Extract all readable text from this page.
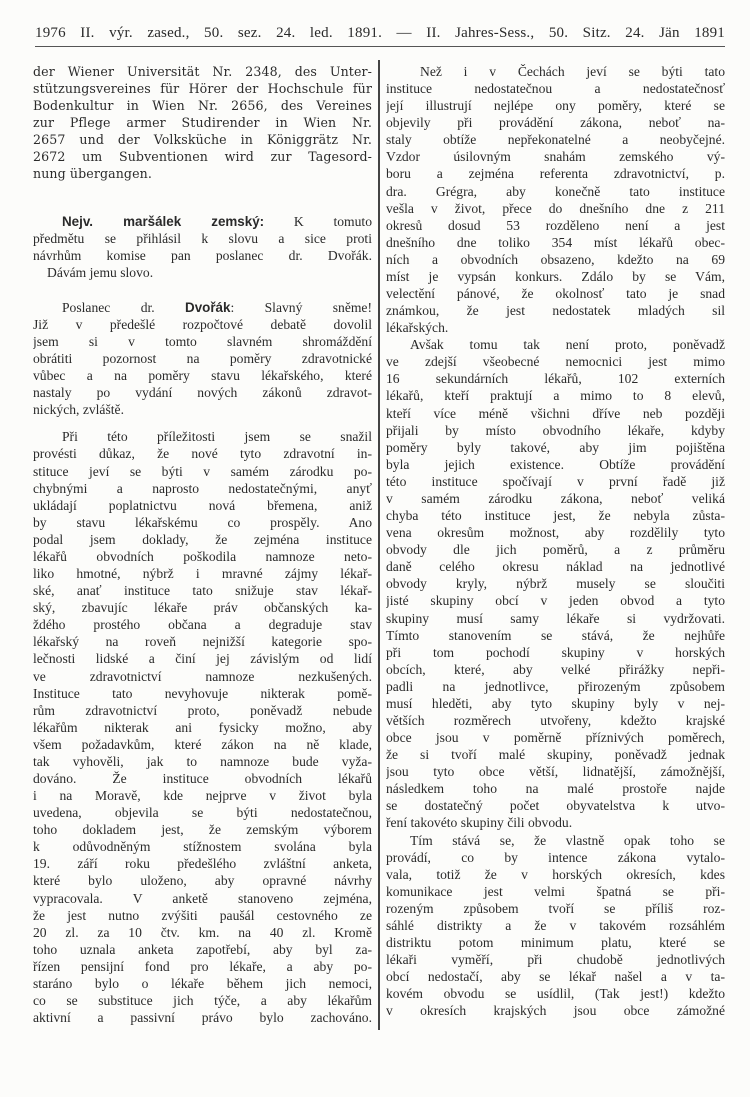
1976 II. výr. zased., 50. sez. 24. led. 1891. — II. Jahres-Sess., 50. Sitz. 24. Jän 1891
der Wiener Universität Nr. 2348, des Unter-
stützungsvereines für Hörer der Hochschule für
Bodenkultur in Wien Nr. 2656, des Vereines
zur Pflege armer Studirender in Wien Nr.
2657 und der Volksküche in Königgrätz Nr.
2672 um Subventionen wird zur Tagesord-
nung übergangen.
Nejv. maršálek zemský: K tomuto
předmětu se přihlásil k slovu a sice proti
návrhům komise pan poslanec dr. Dvořák.
Dávám jemu slovo.
Poslanec dr. Dvořák: Slavný sněme!
Již v předešlé rozpočtové debatě dovolil
jsem si v tomto slavném shromáždění
obrátiti pozornost na poměry zdravotnické
vůbec a na poměry stavu lékařského, které
nastaly po vydání nových zákonů zdravot-
nických, zvláště.
Při této příležitosti jsem se snažil
provésti důkaz, že nové tyto zdravotní in-
stituce jeví se býti v samém zárodku po-
chybnými a naprosto nedostatečnými, anyť
ukládají poplatnictvu nová břemena, aniž
by stavu lékařskému co prospěly. Ano
podal jsem doklady, že zejména instituce
lékařů obvodních poškodila namnoze neto-
liko hmotné, nýbrž i mravné zájmy lékař-
ské, anať instituce tato snižuje stav lékař-
ský, zbavujíc lékaře práv občanských ka-
ždého prostého občana a degraduje stav
lékařský na roveň nejnižší kategorie spo-
lečnosti lidské a činí jej závislým od lidí
ve zdravotnictví namnoze nezkušených.
Instituce tato nevyhovuje nikterak pomě-
rům zdravotnictví proto, poněvadž nebude
lékařům nikterak ani fysicky možno, aby
všem požadavkům, které zákon na ně klade,
tak vyhověli, jak to namnoze bude vyža-
dováno. Že instituce obvodních lékařů
i na Moravě, kde nejprve v život byla
uvedena, objevila se býti nedostatečnou,
toho dokladem jest, že zemským výborem
k odůvodněným stížnostem svolána byla
19. září roku předešlého zvláštní anketa,
které bylo uloženo, aby opravné návrhy
vypracovala. V anketě stanoveno zejména,
že jest nutno zvýšiti paušál cestovného ze
20 zl. za 10 čtv. km. na 40 zl. Kromě
toho uznala anketa zapotřebí, aby byl za-
řízen pensijní fond pro lékaře, a aby po-
staráno bylo o lékaře během jich nemoci,
co se substituce jich týče, a aby lékařům
aktivní a passivní právo bylo zachováno.
Než i v Čechách jeví se býti tato
instituce nedostatečnou a nedostatečnosť
její illustrují nejlépe ony poměry, které se
objevily při provádění zákona, neboť na-
staly obtíže nepřekonatelné a neobyčejné.
Vzdor úsilovným snahám zemského vý-
boru a zejména referenta zdravotnictví, p.
dra. Grégra, aby konečně tato instituce
vešla v život, přece do dnešního dne z 211
okresů dosud 53 rozděleno není a jest
dnešního dne toliko 354 míst lékařů obec-
ních a obvodních obsazeno, kdežto na 69
míst je vypsán konkurs. Zdálo by se Vám,
velectění pánové, že okolnosť tato je snad
známkou, že jest nedostatek mladých sil
lékařských.
Avšak tomu tak není proto, poněvadž
ve zdejší všeobecné nemocnici jest mimo
16 sekundárních lékařů, 102 externích
lékařů, kteří praktují a mimo to 8 elevů,
kteří více méně všichni dříve neb později
přijali by místo obvodního lékaře, kdyby
poměry byly takové, aby jim pojištěna
byla jejich existence. Obtíže provádění
této instituce spočívají v první řadě již
v samém zárodku zákona, neboť veliká
chyba této instituce jest, že nebyla zůsta-
vena okresům možnost, aby rozdělily tyto
obvody dle jich poměrů, a z průměru
daně celého okresu náklad na jednotlivé
obvody kryly, nýbrž musely se sloučiti
jisté skupiny obcí v jeden obvod a tyto
skupiny musí samy lékaře si vydržovati.
Tímto stanovením se stává, že nejhůře
při tom pochodí skupiny v horských
obcích, které, aby velké přirážky nepři-
padli na jednotlivce, přirozeným způsobem
musí hleděti, aby tyto skupiny byly v nej-
větších rozměrech utvořeny, kdežto krajské
obce jsou v poměrně příznivých poměrech,
že si tvoří malé skupiny, poněvadž jednak
jsou tyto obce větší, lidnatější, zámožnější,
následkem toho na malé prostoře najde
se dostatečný počet obyvatelstva k utvo-
ření takovéto skupiny čili obvodu.
Tím stává se, že vlastně opak toho se
provádí, co by intence zákona vytalo-
vala, totiž že v horských okresích, kdes
komunikace jest velmi špatná se při-
rozeným způsobem tvoří se příliš roz-
sáhlé distrikty a že v takovém rozsáhlém
distriktu potom minimum platu, které se
lékaři vyměří, při chudobě jednotlivých
obcí nedostačí, aby se lékař našel a v ta-
kovém obvodu se usídlil, (Tak jest!) kdežto
v okresích krajských jsou obce zámožné
